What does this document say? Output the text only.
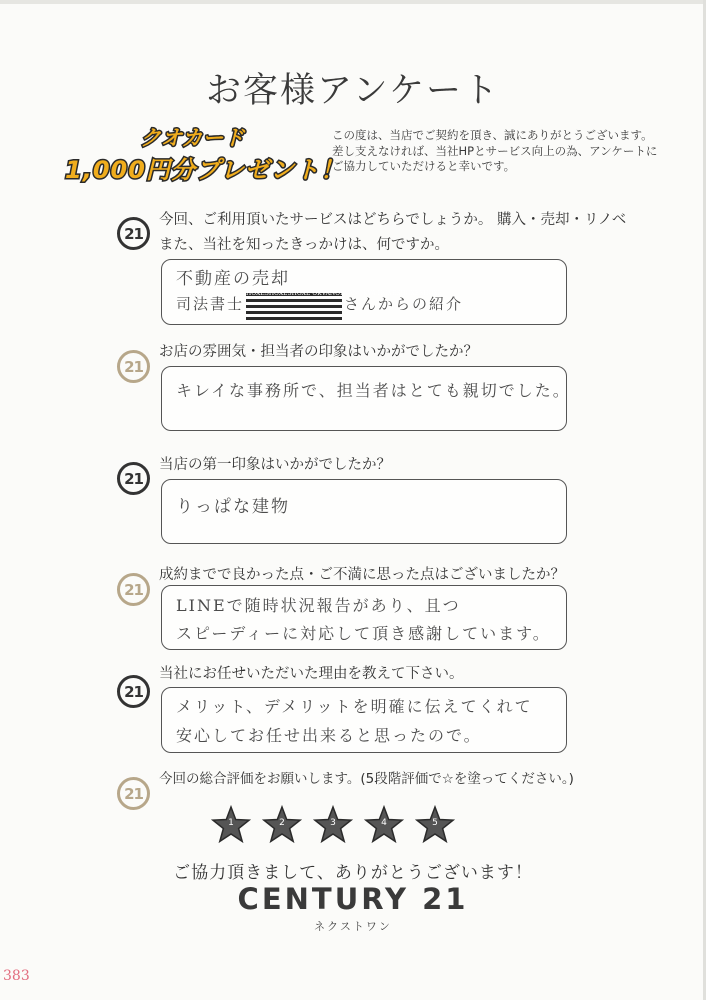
お客様アンケート
クオカード
1,000円分プレゼント！
この度は、当店でご契約を頂き、誠にありがとうございます。差し支えなければ、当社HPとサービス向上の為、アンケートにご協力していただけると幸いです。
21
今回、ご利用頂いたサービスはどちらでしょうか。 購入・売却・リノベ
また、当社を知ったきっかけは、何ですか。
不動産の売却
司法書士HOXESHOXESHOXE OKVANOKVANOKVA HOXESHOXESHOXEさんからの紹介
21
お店の雰囲気・担当者の印象はいかがでしたか？
キレイな事務所で、担当者はとても親切でした。
21
当店の第一印象はいかがでしたか？
りっぱな建物
21
成約までで良かった点・ご不満に思った点はございましたか？
LINEで随時状況報告があり、且つ
スピーディーに対応して頂き感謝しています。
21
当社にお任せいただいた理由を教えて下さい。
メリット、デメリットを明確に伝えてくれて
安心してお任せ出来ると思ったので。
21
今回の総合評価をお願いします。(5段階評価で☆を塗ってください。)
1	2	3	4	5
ご協力頂きまして、ありがとうございます！
CENTURY 21
ネクストワン
383
